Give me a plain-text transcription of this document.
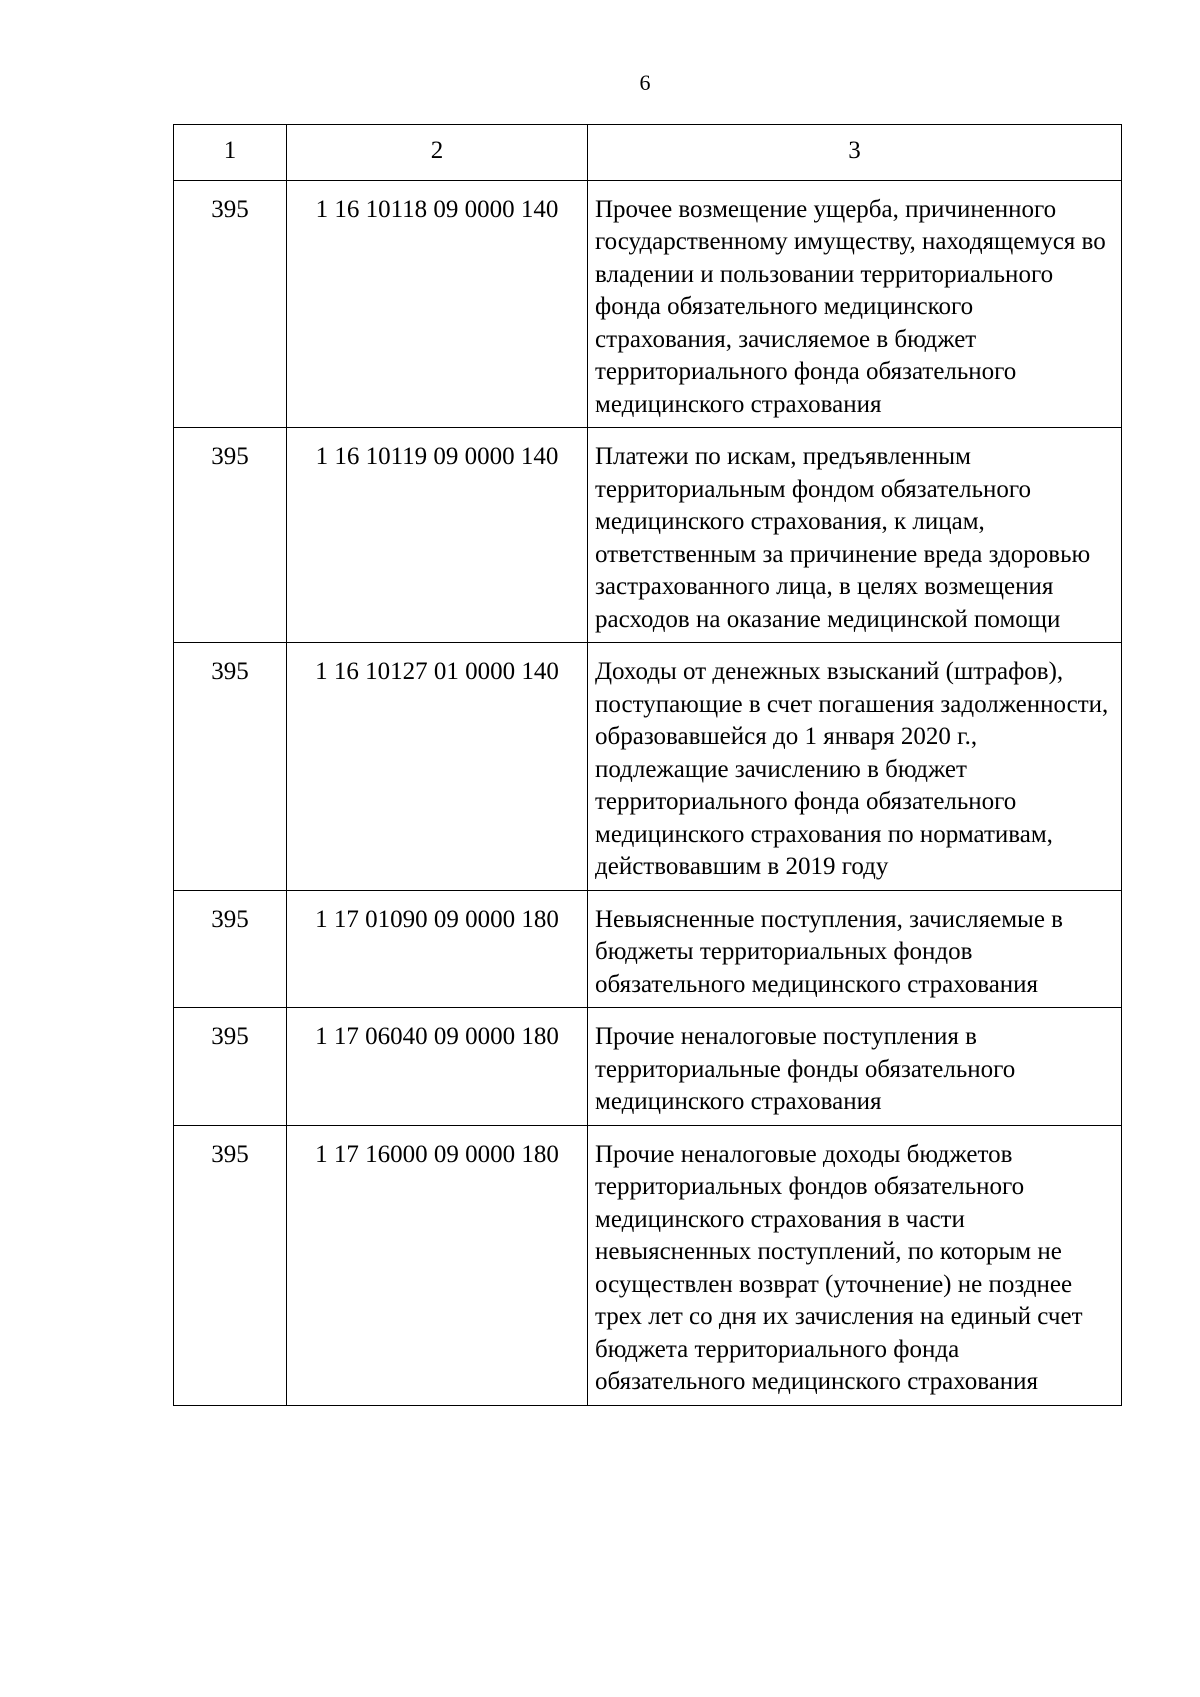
6
1	2	3
395	1 16 10118 09 0000 140	Прочее возмещение ущерба, причиненного государственному имуществу, находящемуся во владении и пользовании территориального фонда обязательного медицинского страхования, зачисляемое в бюджет территориального фонда обязательного медицинского страхования
395	1 16 10119 09 0000 140	Платежи по искам, предъявленным территориальным фондом обязательного медицинского страхования, к лицам, ответственным за причинение вреда здоровью застрахованного лица, в целях возмещения расходов на оказание медицинской помощи
395	1 16 10127 01 0000 140	Доходы от денежных взысканий (штрафов), поступающие в счет погашения задолженности, образовавшейся до 1 января 2020 г., подлежащие зачислению в бюджет территориального фонда обязательного медицинского страхования по нормативам, действовавшим в 2019 году
395	1 17 01090 09 0000 180	Невыясненные поступления, зачисляемые в бюджеты территориальных фондов обязательного медицинского страхования
395	1 17 06040 09 0000 180	Прочие неналоговые поступления в территориальные фонды обязательного медицинского страхования
395	1 17 16000 09 0000 180	Прочие неналоговые доходы бюджетов территориальных фондов обязательного медицинского страхования в части невыясненных поступлений, по которым не осуществлен возврат (уточнение) не позднее трех лет со дня их зачисления на единый счет бюджета территориального фонда обязательного медицинского страхования
